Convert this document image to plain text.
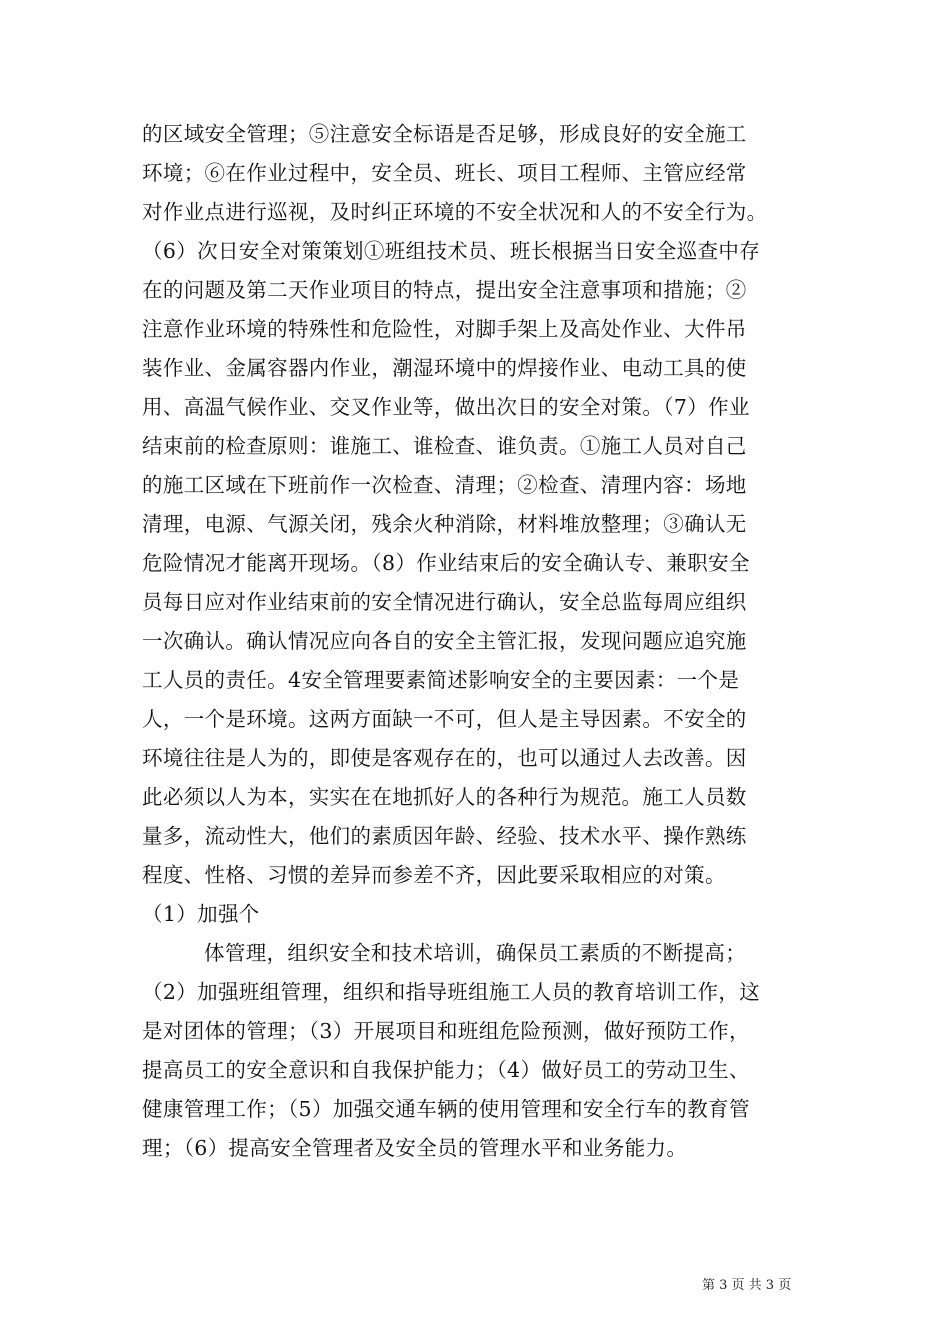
的区域安全管理；⑤注意安全标语是否足够，形成良好的安全施工
环境；⑥在作业过程中，安全员、班长、项目工程师、主管应经常
对作业点进行巡视，及时纠正环境的不安全状况和人的不安全行为。
（6）次日安全对策策划①班组技术员、班长根据当日安全巡查中存
在的问题及第二天作业项目的特点，提出安全注意事项和措施；②
注意作业环境的特殊性和危险性，对脚手架上及高处作业、大件吊
装作业、金属容器内作业，潮湿环境中的焊接作业、电动工具的使
用、高温气候作业、交叉作业等，做出次日的安全对策。（7）作业
结束前的检查原则：谁施工、谁检查、谁负责。①施工人员对自己
的施工区域在下班前作一次检查、清理；②检查、清理内容：场地
清理，电源、气源关闭，残余火种消除，材料堆放整理；③确认无
危险情况才能离开现场。（8）作业结束后的安全确认专、兼职安全
员每日应对作业结束前的安全情况进行确认，安全总监每周应组织
一次确认。确认情况应向各自的安全主管汇报，发现问题应追究施
工人员的责任。4安全管理要素简述影响安全的主要因素：一个是
人，一个是环境。这两方面缺一不可，但人是主导因素。不安全的
环境往往是人为的，即使是客观存在的，也可以通过人去改善。因
此必须以人为本，实实在在地抓好人的各种行为规范。施工人员数
量多，流动性大，他们的素质因年龄、经验、技术水平、操作熟练
程度、性格、习惯的差异而参差不齐，因此要采取相应的对策。
（1）加强个
体管理，组织安全和技术培训，确保员工素质的不断提高；
（2）加强班组管理，组织和指导班组施工人员的教育培训工作，这
是对团体的管理；（3）开展项目和班组危险预测，做好预防工作，
提高员工的安全意识和自我保护能力；（4）做好员工的劳动卫生、
健康管理工作；（5）加强交通车辆的使用管理和安全行车的教育管
理；（6）提高安全管理者及安全员的管理水平和业务能力。
第 3 页 共 3 页
